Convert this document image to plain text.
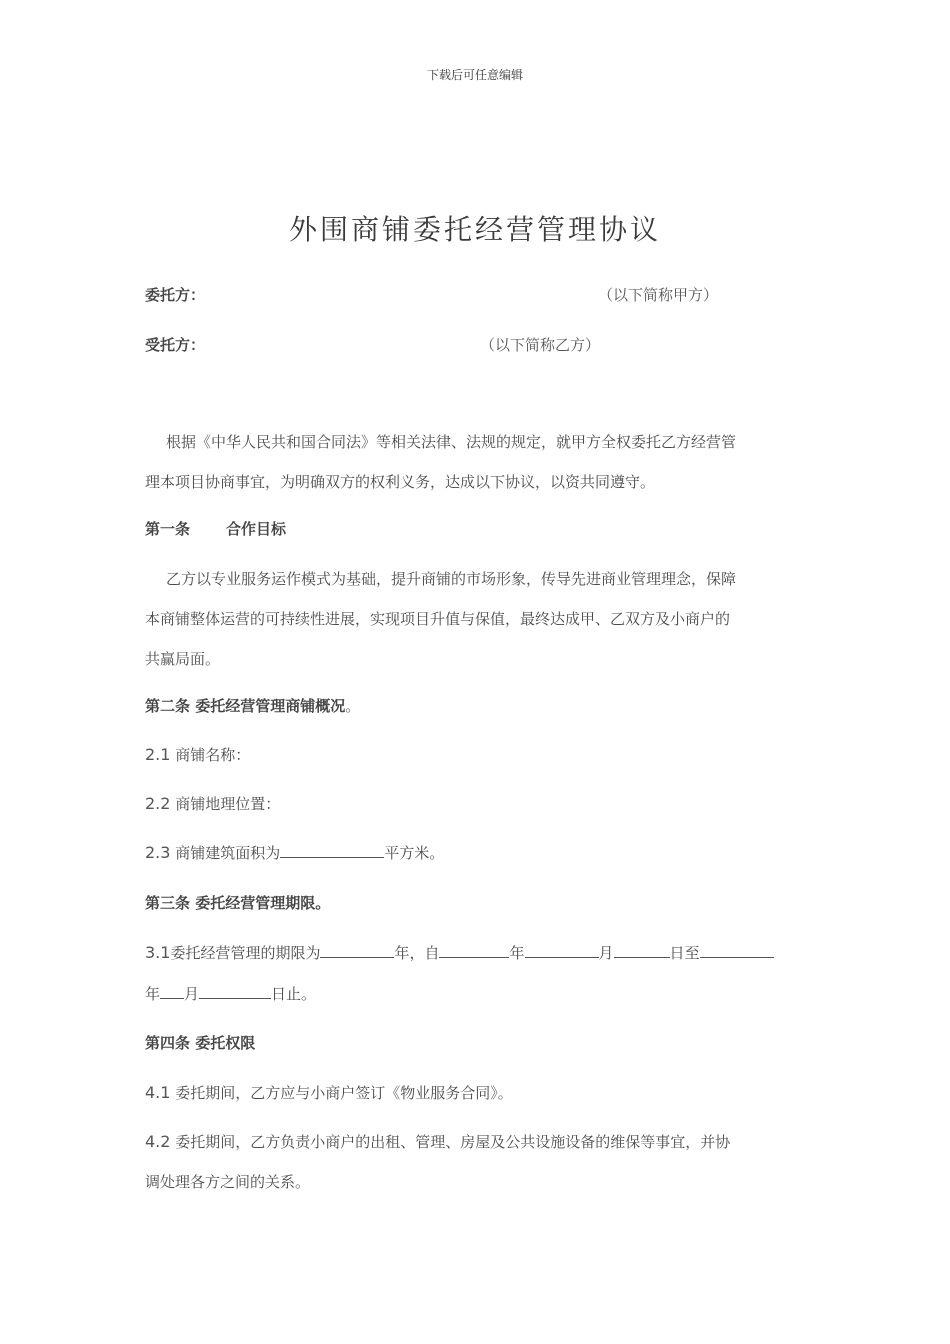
下载后可任意编辑
外围商铺委托经营管理协议
委托方：	（以下简称甲方）
受托方：	（以下简称乙方）
根据《中华人民共和国合同法》等相关法律、法规的规定，就甲方全权委托乙方经营管
理本项目协商事宜，为明确双方的权利义务，达成以下协议，以资共同遵守。
第一条 合作目标
乙方以专业服务运作模式为基础，提升商铺的市场形象，传导先进商业管理理念，保障
本商铺整体运营的可持续性进展，实现项目升值与保值，最终达成甲、乙双方及小商户的
共赢局面。
第二条 委托经营管理商铺概况。
2.1 商铺名称：
2.2 商铺地理位置：
2.3 商铺建筑面积为	平方米。
第三条 委托经营管理期限。
3.1委托经营管理的期限为	年，自	年	月	日至
年 月	日止。
第四条 委托权限
4.1 委托期间，乙方应与小商户签订《物业服务合同》。
4.2 委托期间，乙方负责小商户的出租、管理、房屋及公共设施设备的维保等事宜，并协
调处理各方之间的关系。
